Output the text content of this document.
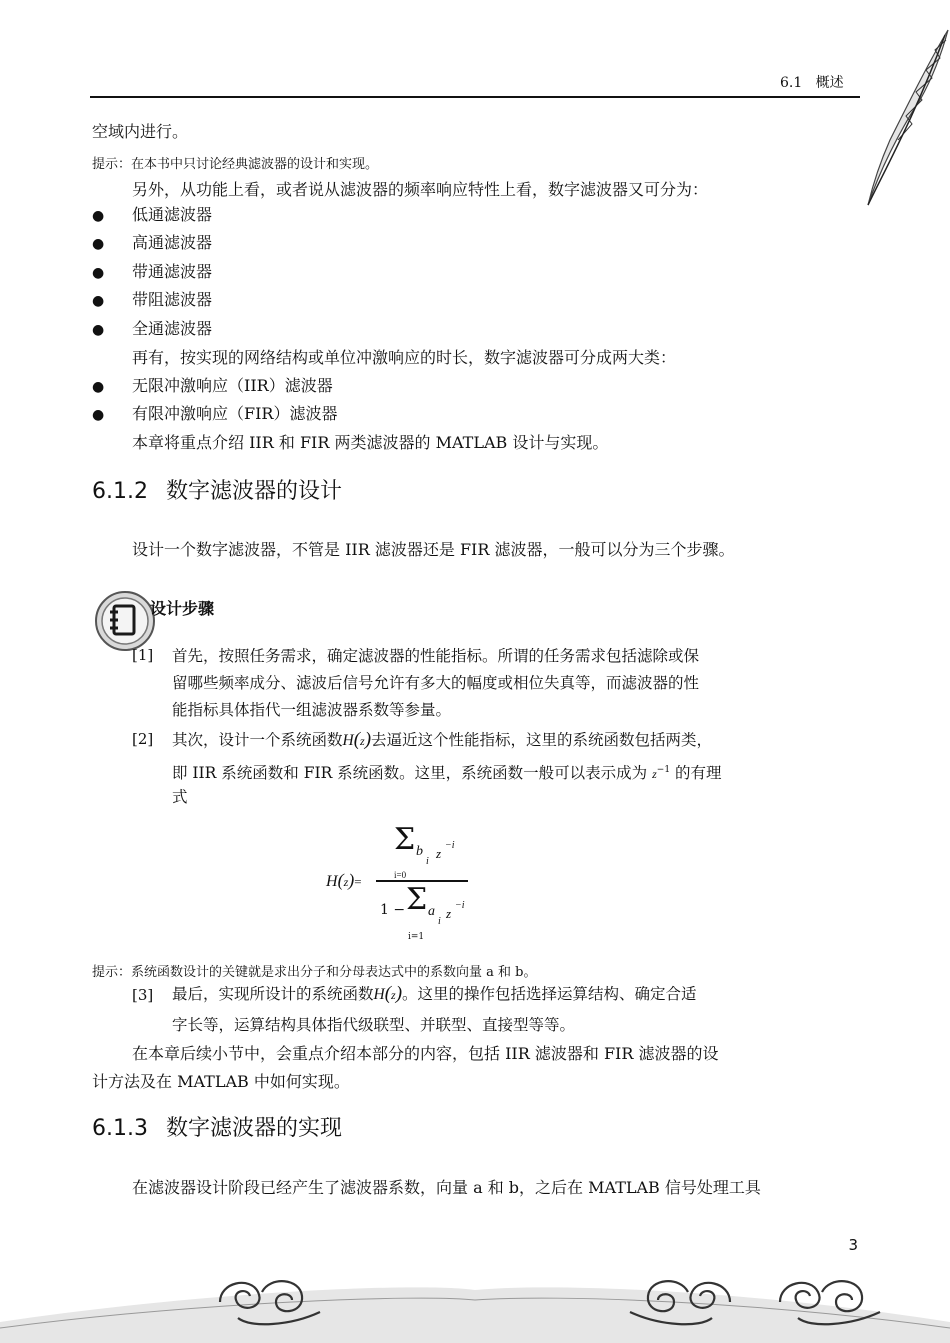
6.1 概述
空域内进行。
提示：在本书中只讨论经典滤波器的设计和实现。
另外，从功能上看，或者说从滤波器的频率响应特性上看，数字滤波器又可分为：
● 低通滤波器
● 高通滤波器
● 带通滤波器
● 带阻滤波器
● 全通滤波器
再有，按实现的网络结构或单位冲激响应的时长，数字滤波器可分成两大类：
● 无限冲激响应（IIR）滤波器
● 有限冲激响应（FIR）滤波器
本章将重点介绍 IIR 和 FIR 两类滤波器的 MATLAB 设计与实现。
6.1.2 数字滤波器的设计
设计一个数字滤波器，不管是 IIR 滤波器还是 FIR 滤波器，一般可以分为三个步骤。
设计步骤
[1] 首先，按照任务需求，确定滤波器的性能指标。所谓的任务需求包括滤除或保
留哪些频率成分、滤波后信号允许有多大的幅度或相位失真等，而滤波器的性
能指标具体指代一组滤波器系数等参量。
[2] 其次，设计一个系统函数H(z)去逼近这个性能指标，这里的系统函数包括两类，
即 IIR 系统函数和 FIR 系统函数。这里，系统函数一般可以表示成为 $z^{-1}$ 的有理
式
H(z)=
Σ b
i
z
−i
i=0
1 − Σ a
i
z
−i
i=1
提示：系统函数设计的关键就是求出分子和分母表达式中的系数向量 a 和 b。
[3] 最后，实现所设计的系统函数H(z)。这里的操作包括选择运算结构、确定合适
字长等，运算结构具体指代级联型、并联型、直接型等等。
在本章后续小节中，会重点介绍本部分的内容，包括 IIR 滤波器和 FIR 滤波器的设
计方法及在 MATLAB 中如何实现。
6.1.3 数字滤波器的实现
在滤波器设计阶段已经产生了滤波器系数，向量 a 和 b，之后在 MATLAB 信号处理工具
3
